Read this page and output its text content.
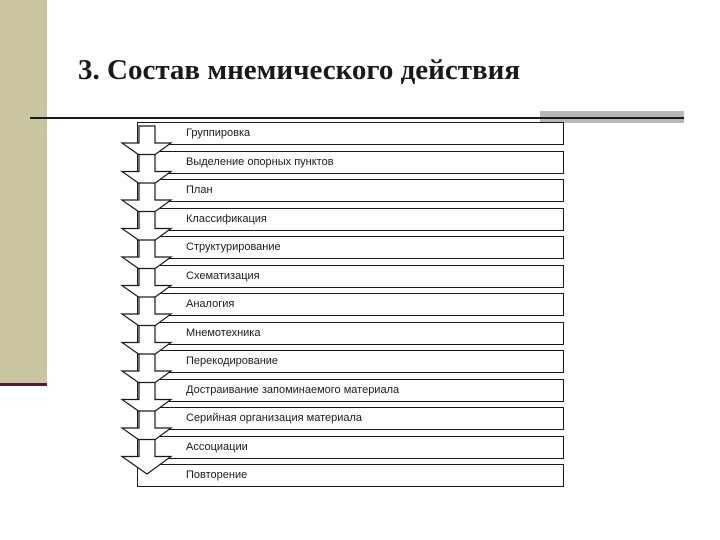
3. Состав мнемического действия
Группировка
Выделение опорных пунктов
План
Классификация
Структурирование
Схематизация
Аналогия
Мнемотехника
Перекодирование
Достраивание запоминаемого материала
Серийная организация материала
Ассоциации
Повторение
